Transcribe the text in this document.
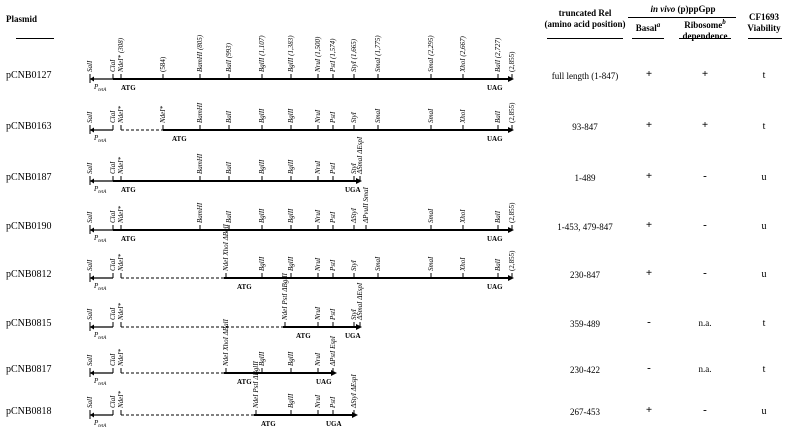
Plasmid
truncated Rel
(amino acid position)
in vivo (p)ppGpp
Basal$^a$	Ribosome$^b$
dependence
CF1693
Viability
pCNB0127	full length (1-847)	+	+	t
pCNB0163	93-847	+	+	t
pCNB0187	1-489	+	-	u
pCNB0190	1-453, 479-847	+	-	u
pCNB0812	230-847	+	-	u
pCNB0815	359-489	-	n.a.	t
pCNB0817	230-422	-	n.a.	t
pCNB0818	267-453	+	-	u
$P_{tetA}$
SalI ClaI NdeI* (308)	(584)	BamHI (805)	BalI (993)	BglII (1,107)	BglII (1,383)	NruI (1,500) PstI (1,574) StyI (1,665) SmaI (1,775)	SmaI (2,295)	XhoI (2,667)	BalI (2,727) (2,855)
ATG	UAG
$P_{tetA}$
SalI ClaI NdeI*	NdeI*	BamHI	BalI	BglII	BglII	NruI PstI StyI SmaI	SmaI	XhoI	BalI (2,855)
ATG	UAG
$P_{tetA}$
SalI ClaI NdeI*	BamHI	BalI	BglII	BglII	NruI PstI StyI
ΔSmaI ΔEspI
ATG	UGA
$P_{tetA}$
SalI ClaI NdeI*	BamHI	BalI	BglII	BglII	NruI PstI ΔStyI ΔPvuII SmaI	SmaI	XhoI	BalI (2,855)
ATG	UAG
$P_{tetA}$
SalI ClaI NdeI*	NdeI XhoI ΔBalI	BglII	BglII	NruI PstI StyI SmaI	SmaI	XhoI	BalI (2,855)
ATG	UAG
$P_{tetA}$
SalI ClaI NdeI*	NdeI PstI ΔBglII	NruI PstI StyI
ΔSmaI ΔEspI
ATG	UGA
$P_{tetA}$
SalI ClaI NdeI*	NdeI XhoI ΔBalI	BglII	BglII	NruI ΔPstI EspI
ATG	UAG
$P_{tetA}$
SalI ClaI NdeI*	NdeI PstI ΔBglII	BglII	NruI PstI ΔStyI ΔEspI
ATG	UGA
